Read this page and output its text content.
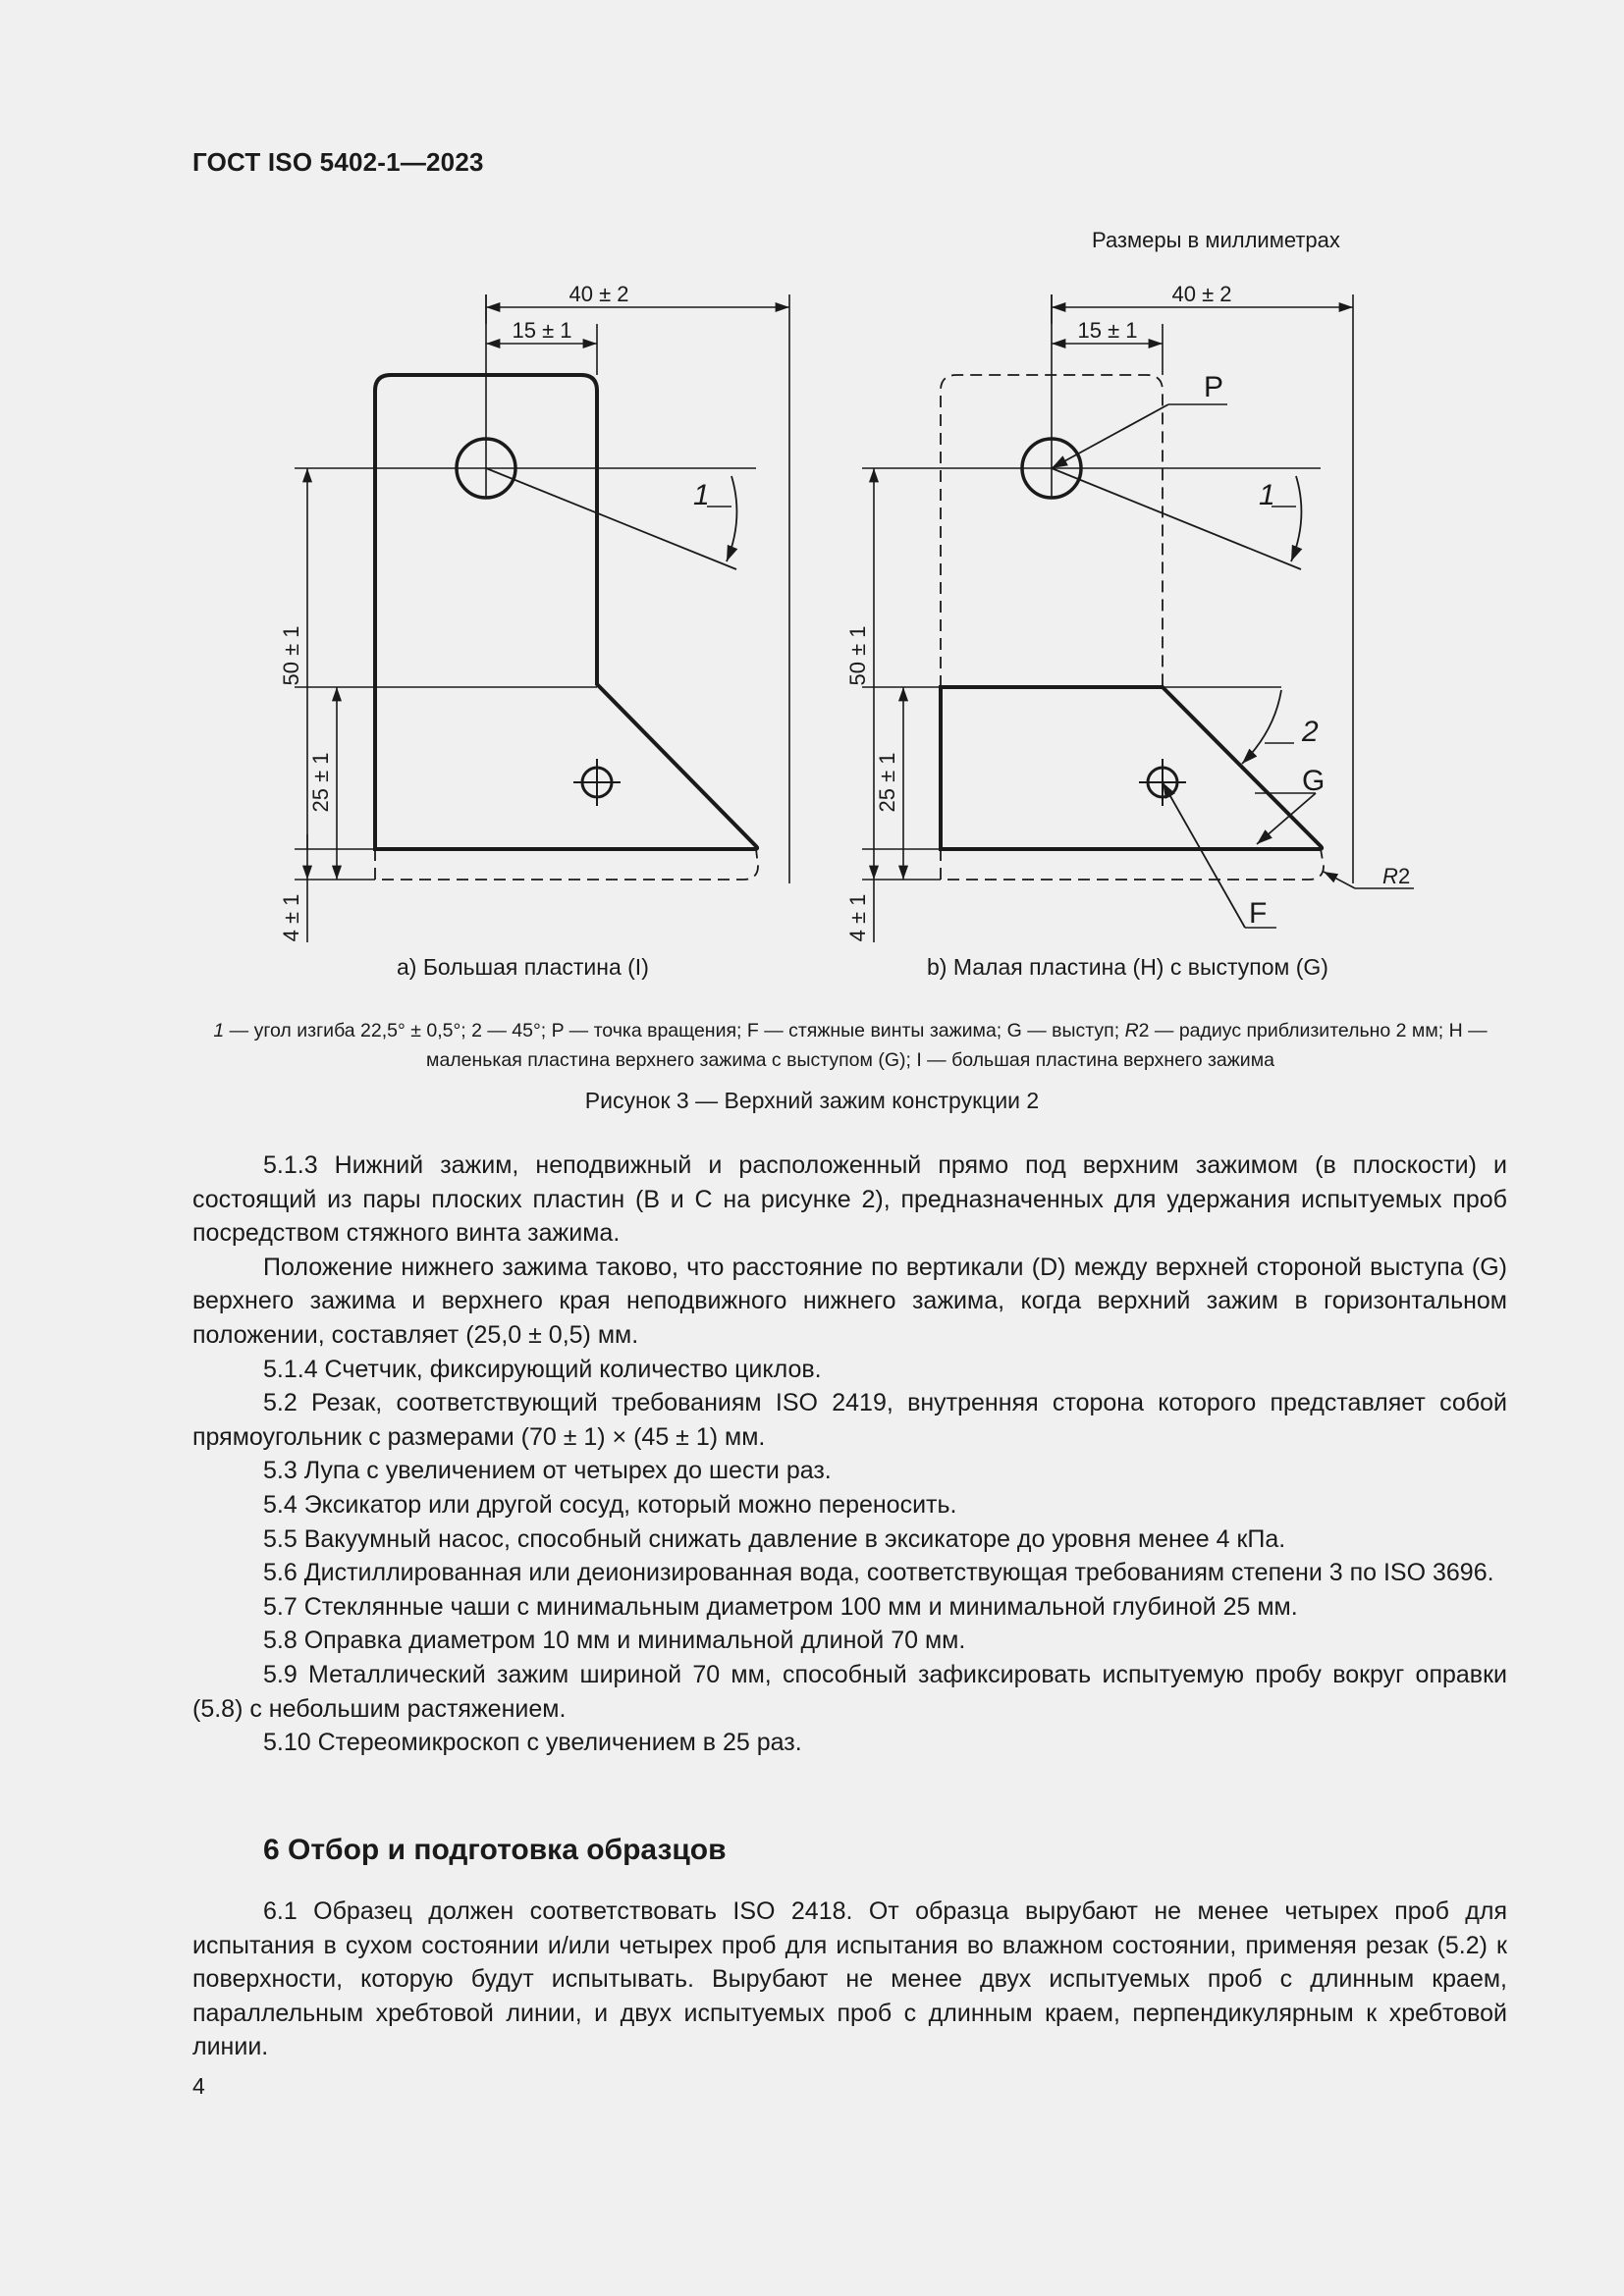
ГОСТ ISO 5402-1—2023
Размеры в миллиметрах
40 ± 2
15 ± 1
50 ± 1
25 ± 1
4 ± 1
1
40 ± 2
15 ± 1
50 ± 1
25 ± 1
4 ± 1
1
2
P
G
F
R 2
а) Большая пластина (I)	b) Малая пластина (H) с выступом (G)
1 — угол изгиба 22,5° ± 0,5°; 2 — 45°; P — точка вращения; F — стяжные винты зажима; G — выступ; R2 — радиус приблизительно 2 мм; H — маленькая пластина верхнего зажима с выступом (G); I — большая пластина верхнего зажима
Рисунок 3 — Верхний зажим конструкции 2

5.1.3 Нижний зажим, неподвижный и расположенный прямо под верхним зажимом (в плоскости) и состоящий из пары плоских пластин (B и C на рисунке 2), предназначенных для удержания испытуемых проб посредством стяжного винта зажима.

Положение нижнего зажима таково, что расстояние по вертикали (D) между верхней стороной выступа (G) верхнего зажима и верхнего края неподвижного нижнего зажима, когда верхний зажим в горизонтальном положении, составляет (25,0 ± 0,5) мм.

5.1.4 Счетчик, фиксирующий количество циклов.

5.2 Резак, соответствующий требованиям ISO 2419, внутренняя сторона которого представляет собой прямоугольник с размерами (70 ± 1) × (45 ± 1) мм.

5.3 Лупа с увеличением от четырех до шести раз.

5.4 Эксикатор или другой сосуд, который можно переносить.

5.5 Вакуумный насос, способный снижать давление в эксикаторе до уровня менее 4 кПа.

5.6 Дистиллированная или деионизированная вода, соответствующая требованиям степени 3 по ISO 3696.

5.7 Стеклянные чаши с минимальным диаметром 100 мм и минимальной глубиной 25 мм.

5.8 Оправка диаметром 10 мм и минимальной длиной 70 мм.

5.9 Металлический зажим шириной 70 мм, способный зафиксировать испытуемую пробу вокруг оправки (5.8) с небольшим растяжением.

5.10 Стереомикроскоп с увеличением в 25 раз.

6 Отбор и подготовка образцов

6.1 Образец должен соответствовать ISO 2418. От образца вырубают не менее четырех проб для испытания в сухом состоянии и/или четырех проб для испытания во влажном состоянии, применяя резак (5.2) к поверхности, которую будут испытывать. Вырубают не менее двух испытуемых проб с длинным краем, параллельным хребтовой линии, и двух испытуемых проб с длинным краем, перпендикулярным к хребтовой линии.

4
